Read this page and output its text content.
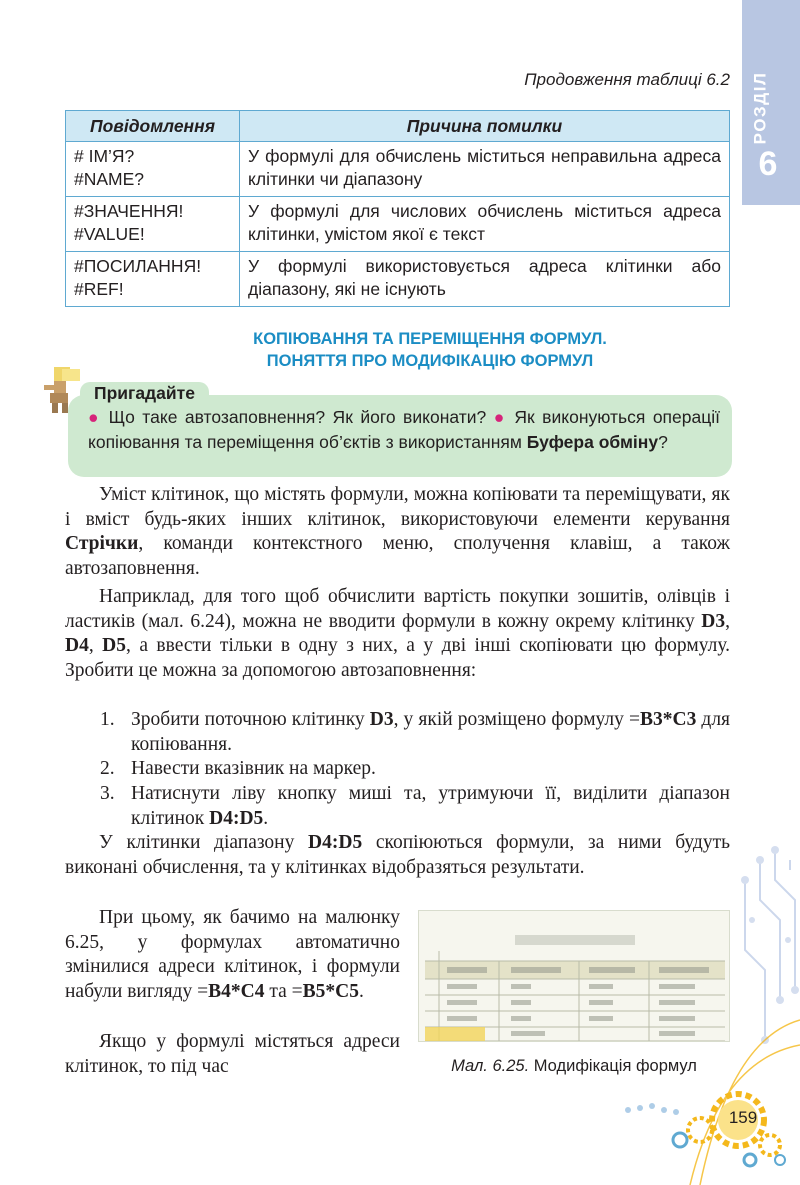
РОЗДІЛ
6
Продовження таблиці 6.2
Повідомлення	Причина помилки
# ІМ’Я?
#NAME?	У формулі для обчислень міститься неправильна адреса клітинки чи діапазону
#ЗНАЧЕННЯ!
#VALUE!	У формулі для числових обчислень міститься адреса клітинки, умістом якої є текст
#ПОСИЛАННЯ!
#REF!	У формулі використовується адреса клітинки або діапазону, які не існують
КОПІЮВАННЯ ТА ПЕРЕМІЩЕННЯ ФОРМУЛ.
ПОНЯТТЯ ПРО МОДИФІКАЦІЮ ФОРМУЛ
Пригадайте
● Що таке автозаповнення? Як його виконати? ● Як виконуються операції копіювання та переміщення об’єктів з використанням Буфера обміну?
Уміст клітинок, що містять формули, можна копіювати та переміщувати, як і вміст будь-яких інших клітинок, використовуючи елементи керування Стрічки, команди контекстного меню, сполучення клавіш, а також автозаповнення.
Наприклад, для того щоб обчислити вартість покупки зошитів, олівців і ластиків (мал. 6.24), можна не вводити формули в кожну окрему клітинку D3, D4, D5, а ввести тільки в одну з них, а у дві інші скопіювати цю формулу. Зробити це можна за допомогою автозаповнення:
1. Зробити поточною клітинку D3, у якій розміщено формулу =B3*C3 для копіювання.
2. Навести вказівник на маркер.
3. Натиснути ліву кнопку миші та, утримуючи її, виділити діапазон клітинок D4:D5.
У клітинки діапазону D4:D5 скопіюються формули, за ними будуть виконані обчислення, та у клітинках відобразяться результати.
При цьому, як бачимо на малюнку 6.25, у формулах автоматично змінилися адреси клітинок, і формули набули вигляду =B4*C4 та =B5*C5.
Якщо у формулі містяться адреси клітинок, то під час	Мал. 6.25. Модифікація формул
159
